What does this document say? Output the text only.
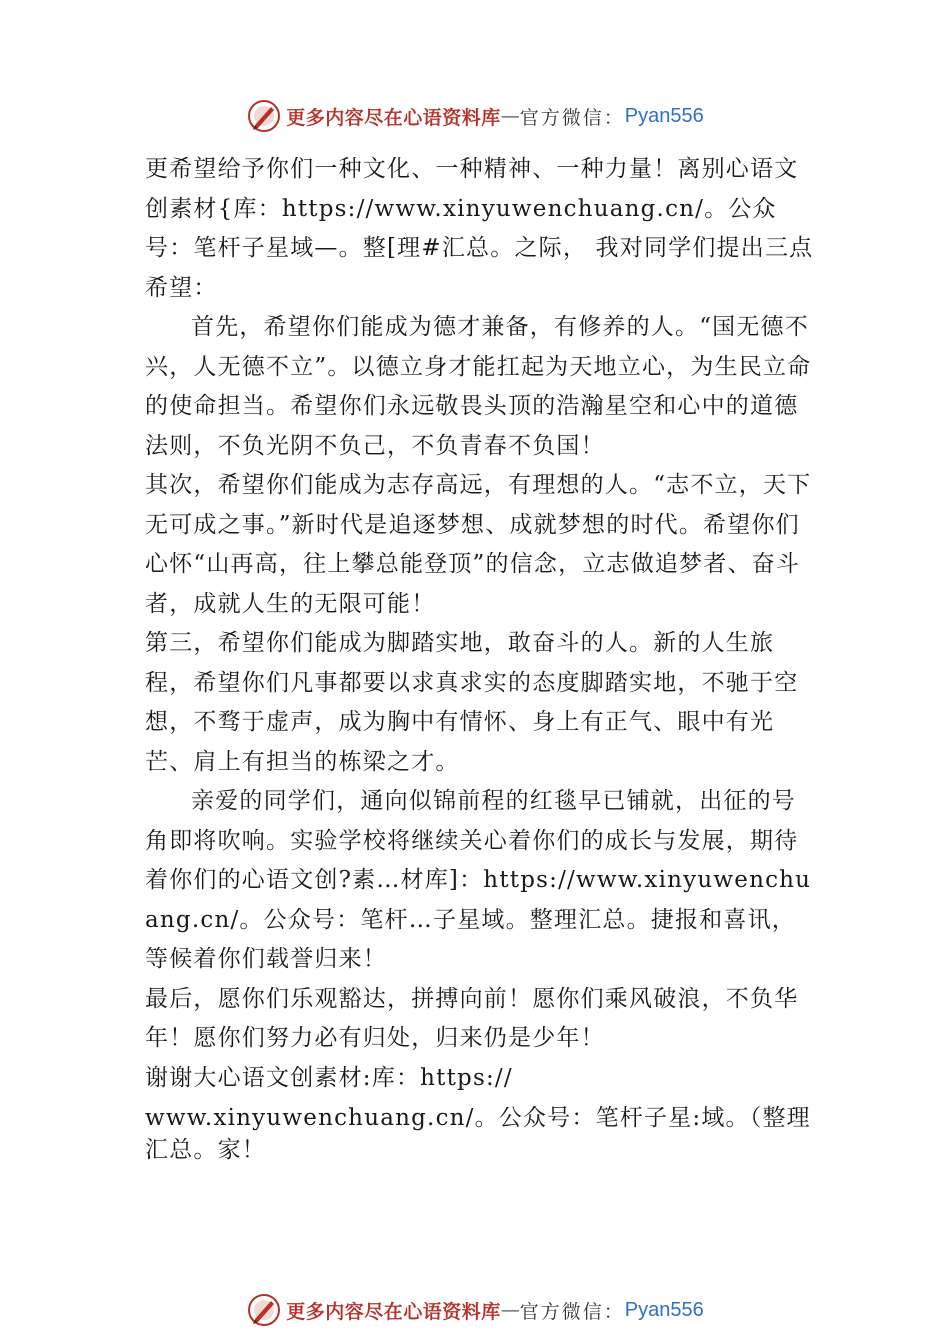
更多内容尽在心语资料库 — 官方微信： Pyan556

更希望给予你们一种文化、一种精神、一种力量！离别心语文创素材{库：https://www.xinyuwenchuang.cn/。公众号：笔杆子星域—。整[理#汇总。之际， 我对同学们提出三点希望：

首先，希望你们能成为德才兼备，有修养的人。“国无德不兴，人无德不立”。以德立身才能扛起为天地立心，为生民立命的使命担当。希望你们永远敬畏头顶的浩瀚星空和心中的道德法则，不负光阴不负己，不负青春不负国！

其次，希望你们能成为志存高远，有理想的人。“志不立，天下无可成之事。”新时代是追逐梦想、成就梦想的时代。希望你们心怀“山再高，往上攀总能登顶”的信念，立志做追梦者、奋斗者，成就人生的无限可能！

第三，希望你们能成为脚踏实地，敢奋斗的人。新的人生旅程，希望你们凡事都要以求真求实的态度脚踏实地，不驰于空想，不骛于虚声，成为胸中有情怀、身上有正气、眼中有光芒、肩上有担当的栋梁之才。

亲爱的同学们，通向似锦前程的红毯早已铺就，出征的号角即将吹响。实验学校将继续关心着你们的成长与发展，期待着你们的心语文创?素…材库]：https://www.xinyuwenchuang.cn/。公众号：笔杆…子星域。整理汇总。捷报和喜讯，等候着你们载誉归来！

最后，愿你们乐观豁达，拼搏向前！愿你们乘风破浪，不负华年！愿你们努力必有归处，归来仍是少年！

谢谢大心语文创素材:库：https://

www.xinyuwenchuang.cn/。公众号：笔杆子星:域。（整理汇总。家！

更多内容尽在心语资料库 — 官方微信： Pyan556
